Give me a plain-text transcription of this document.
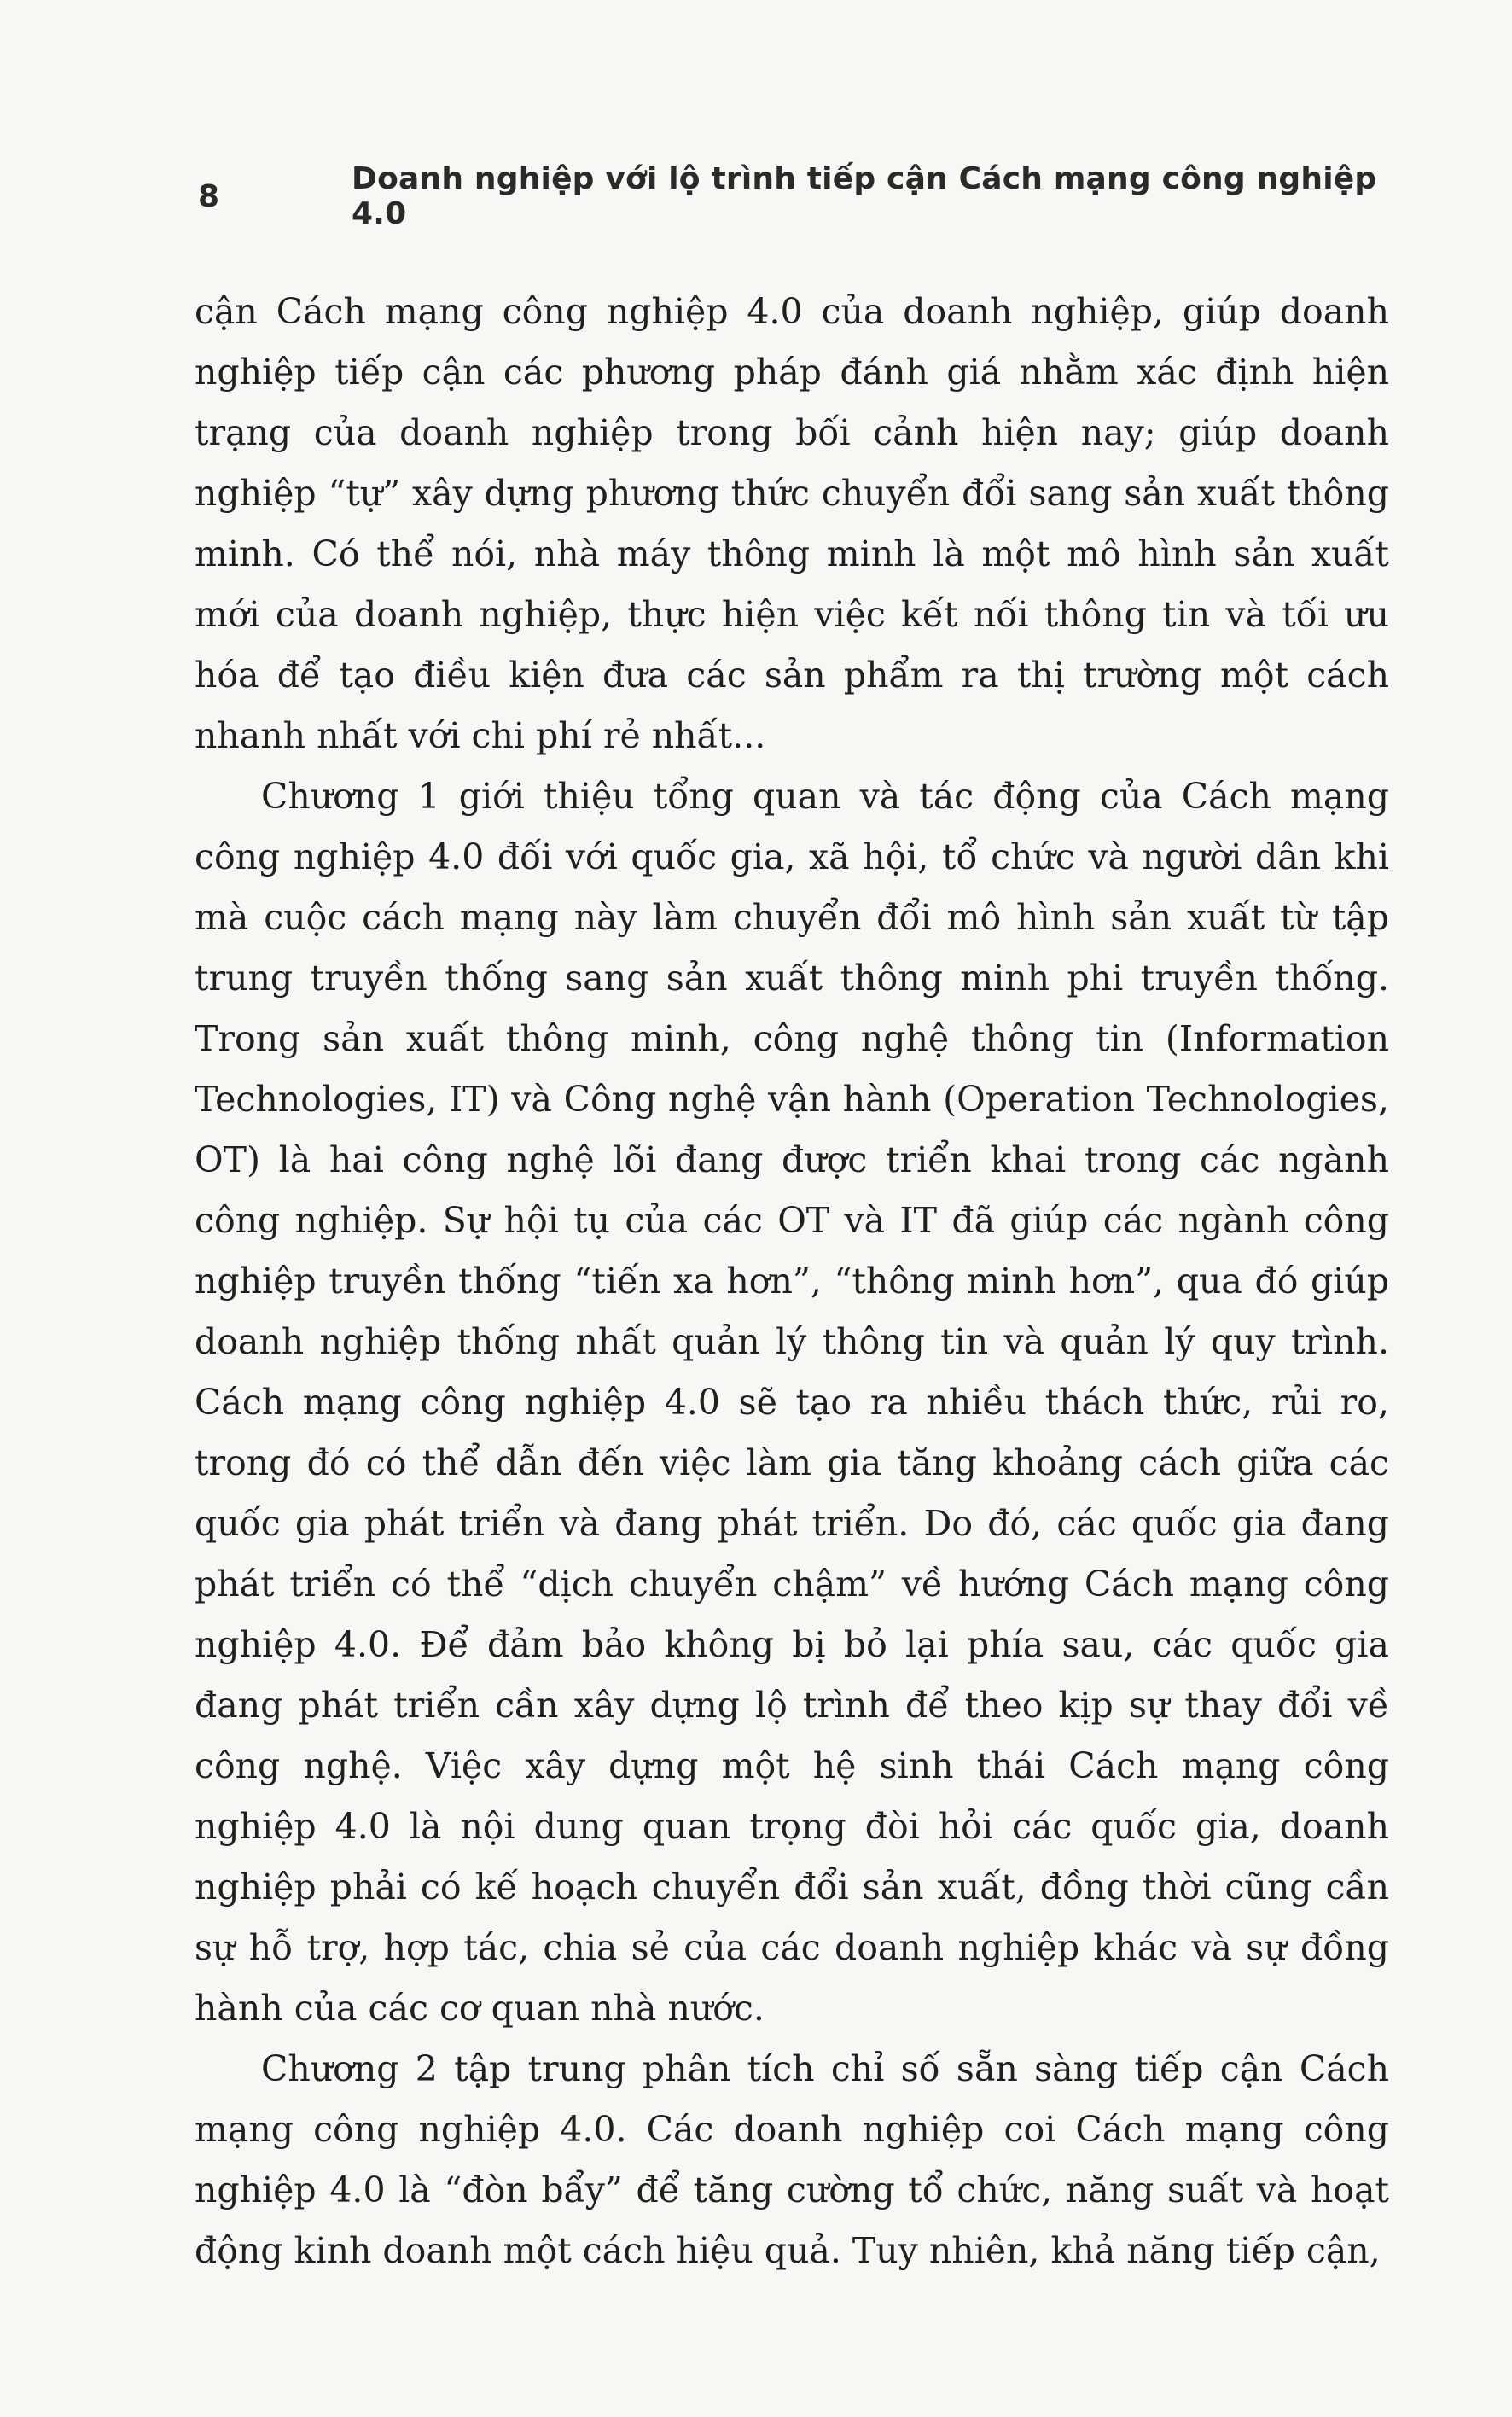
8	Doanh nghiệp với lộ trình tiếp cận Cách mạng công nghiệp 4.0

cận Cách mạng công nghiệp 4.0 của doanh nghiệp, giúp doanh nghiệp tiếp cận các phương pháp đánh giá nhằm xác định hiện trạng của doanh nghiệp trong bối cảnh hiện nay; giúp doanh nghiệp “tự” xây dựng phương thức chuyển đổi sang sản xuất thông minh. Có thể nói, nhà máy thông minh là một mô hình sản xuất mới của doanh nghiệp, thực hiện việc kết nối thông tin và tối ưu hóa để tạo điều kiện đưa các sản phẩm ra thị trường một cách nhanh nhất với chi phí rẻ nhất...

Chương 1 giới thiệu tổng quan và tác động của Cách mạng công nghiệp 4.0 đối với quốc gia, xã hội, tổ chức và người dân khi mà cuộc cách mạng này làm chuyển đổi mô hình sản xuất từ tập trung truyền thống sang sản xuất thông minh phi truyền thống. Trong sản xuất thông minh, công nghệ thông tin (Information Technologies, IT) và Công nghệ vận hành (Operation Technologies, OT) là hai công nghệ lõi đang được triển khai trong các ngành công nghiệp. Sự hội tụ của các OT và IT đã giúp các ngành công nghiệp truyền thống “tiến xa hơn”, “thông minh hơn”, qua đó giúp doanh nghiệp thống nhất quản lý thông tin và quản lý quy trình. Cách mạng công nghiệp 4.0 sẽ tạo ra nhiều thách thức, rủi ro, trong đó có thể dẫn đến việc làm gia tăng khoảng cách giữa các quốc gia phát triển và đang phát triển. Do đó, các quốc gia đang phát triển có thể “dịch chuyển chậm” về hướng Cách mạng công nghiệp 4.0. Để đảm bảo không bị bỏ lại phía sau, các quốc gia đang phát triển cần xây dựng lộ trình để theo kịp sự thay đổi về công nghệ. Việc xây dựng một hệ sinh thái Cách mạng công nghiệp 4.0 là nội dung quan trọng đòi hỏi các quốc gia, doanh nghiệp phải có kế hoạch chuyển đổi sản xuất, đồng thời cũng cần sự hỗ trợ, hợp tác, chia sẻ của các doanh nghiệp khác và sự đồng hành của các cơ quan nhà nước.

Chương 2 tập trung phân tích chỉ số sẵn sàng tiếp cận Cách mạng công nghiệp 4.0. Các doanh nghiệp coi Cách mạng công nghiệp 4.0 là “đòn bẩy” để tăng cường tổ chức, năng suất và hoạt động kinh doanh một cách hiệu quả. Tuy nhiên, khả năng tiếp cận,
